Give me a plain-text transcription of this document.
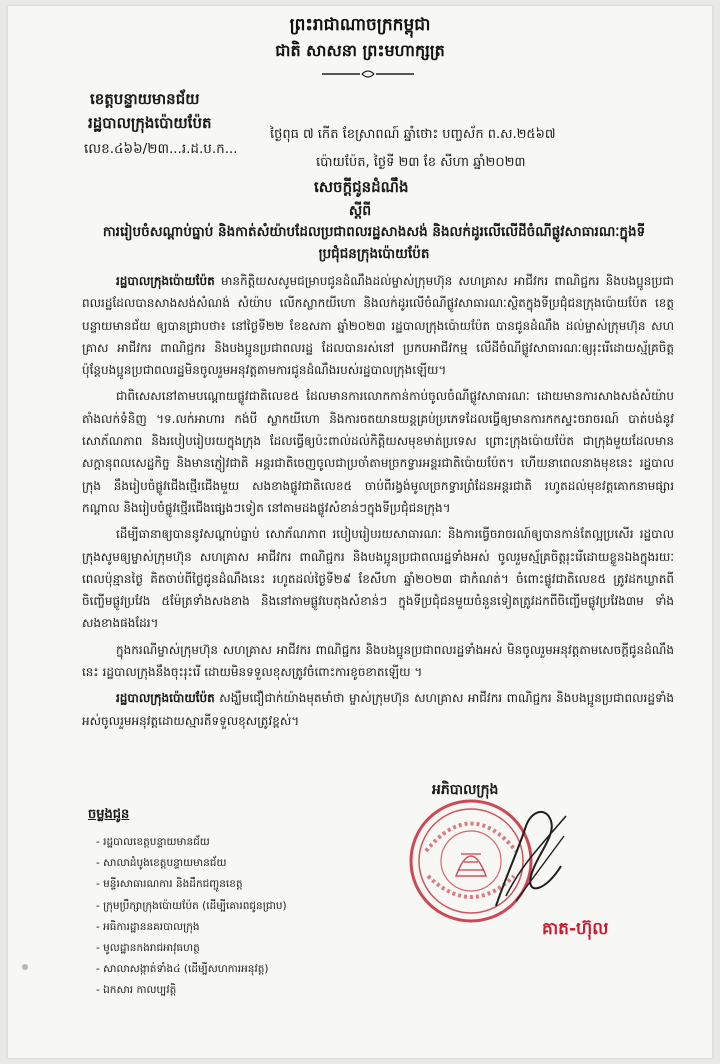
ព្រះរាជាណាចក្រកម្ពុជា
ជាតិ សាសនា ព្រះមហាក្សត្រ
ខេត្តបន្ទាយមានជ័យ
រដ្ឋបាលក្រុងប៉ោយប៉ែត
លេខ.៤៦៦/២៣...រ.ដ.ប.ក...
ថ្ងៃពុធ ៧ កើត ខែស្រាពណ៍ ឆ្នាំថោះ បញ្ចស័ក ព.ស.២៥៦៧
ប៉ោយប៉ែត, ថ្ងៃទី ២៣ ខែ សីហា ឆ្នាំ២០២៣
សេចក្តីជូនដំណឹង
ស្តីពី
ការរៀបចំសណ្តាប់ធ្នាប់ និងកាត់សំយ៉ាបដែលប្រជាពលរដ្ឋសាងសង់ និងលក់ដូរលើលើដីចំណីផ្លូវសាធារណៈក្នុងទីប្រជុំជនក្រុងប៉ោយប៉ែត

រដ្ឋបាលក្រុងប៉ោយប៉ែត មានកិត្តិយសសូមជម្រាបជូនដំណឹងដល់ម្ចាស់ក្រុមហ៊ុន សហគ្រាស អាជីវករ ពាណិជ្ជករ និងបងប្អូនប្រជាពលរដ្ឋដែលបានសាងសង់សំណង់ សំយ៉ាប លើកស្លាកយីហោ និងលក់ដូរលើចំណីផ្លូវសាធារណៈស្ថិតក្នុងទីប្រជុំជនក្រុងប៉ោយប៉ែត ខេត្តបន្ទាយមានជ័យ ឲ្យបានជ្រាបថា៖ នៅថ្ងៃទី២២ ខែឧសភា ឆ្នាំ២០២៣ រដ្ឋបាលក្រុងប៉ោយប៉ែត បានជូនដំណឹង ដល់ម្ចាស់ក្រុមហ៊ុន សហគ្រាស អាជីវករ ពាណិជ្ជករ និងបងប្អូនប្រជាពលរដ្ឋ ដែលបានរស់នៅ ប្រកបអាជីវកម្ម លើដីចំណីផ្លូវសាធារណៈឲ្យរុះរើដោយស្ម័គ្រចិត្ត ប៉ុន្តែបងប្អូនប្រជាពលរដ្ឋមិនចូលរួមអនុវត្តតាមការជូនដំណឹងរបស់រដ្ឋបាលក្រុងឡើយ។

ជាពិសេសនៅតាមបណ្តោយផ្លូវជាតិលេខ៥ ដែលមានការលោកកាន់កាប់ចូលចំណីផ្លូវសាធារណៈ ដោយមានការសាងសង់សំយ៉ាប តាំងលក់ទំនិញ ។ទ.លក់អាហារ កង់បី ស្លាកយីហោ និងការចតយានយន្តគ្រប់ប្រភេទដែលធ្វើឲ្យមានការកកស្ទះចរាចរណ៍ បាត់បង់នូវសោភ័ណភាព និងរបៀបរៀបរយក្នុងក្រុង ដែលធ្វើឲ្យប៉ះពាល់ដល់កិត្តិយសមុខមាត់ប្រទេស ព្រោះក្រុងប៉ោយប៉ែត ជាក្រុងមួយដែលមានសក្តានុពលសេដ្ឋកិច្ច និងមានភ្ញៀវជាតិ អន្តរជាតិចេញចូលជាប្រចាំតាមច្រកទ្វារអន្តរជាតិប៉ោយប៉ែត។ ហើយនាពេលនាងមុខនេះ រដ្ឋបាលក្រុង នឹងរៀបចំផ្លូវជើងថ្មើរជើងមួយ សងខាងផ្លូវជាតិលេខ៥ ចាប់ពីរង្វង់មូលច្រកទ្វារព្រំដែនអន្តរជាតិ រហូតដល់មុខវត្តគោកនាមផ្សារកណ្តាល និងរៀបចំផ្លូវថ្មើរជើងផ្សេងៗទៀត នៅតាមដងផ្លូវសំខាន់ៗក្នុងទីប្រជុំជនក្រុង។

ដើម្បីធានាឲ្យបាននូវសណ្តាប់ធ្នាប់ សោភ័ណភាព របៀបរៀបរយសាធារណៈ និងការធ្វើចរាចរណ៍ឲ្យបានកាន់តែល្អប្រសើរ រដ្ឋបាលក្រុងសូមឲ្យម្ចាស់ក្រុមហ៊ុន សហគ្រាស អាជីវករ ពាណិជ្ជករ និងបងប្អូនប្រជាពលរដ្ឋទាំងអស់ ចូលរួមស្ម័គ្រចិត្តរុះរើដោយខ្លួនឯងក្នុងរយៈពេលប៉ុន្មានថ្ងៃ គិតចាប់ពីថ្ងៃជូនដំណឹងនេះ រហូតដល់ថ្ងៃទី២៩ ខែសីហា ឆ្នាំ២០២៣ ជាកំណត់។ ចំពោះផ្លូវជាតិលេខ៥ ត្រូវដកឃ្លាតពីចិញ្ចើមផ្លូវប្រវែង ៥ម៉ែត្រទាំងសងខាង និងនៅតាមផ្លូវបេតុងសំខាន់ៗ ក្នុងទីប្រជុំជនមួយចំនួនទៀតត្រូវដកពីចិញ្ចើមផ្លូវប្រវែង៣ម ទាំងសងខាងផងដែរ។

ក្នុងករណីម្ចាស់ក្រុមហ៊ុន សហគ្រាស អាជីវករ ពាណិជ្ជករ និងបងប្អូនប្រជាពលរដ្ឋទាំងអស់ មិនចូលរួមអនុវត្តតាមសេចក្តីជូនដំណឹងនេះ រដ្ឋបាលក្រុងនឹងចុះរុះរើ ដោយមិនទទួលខុសត្រូវចំពោះការខូចខាតឡើយ ។

រដ្ឋបាលក្រុងប៉ោយប៉ែត សង្ឃឹមជឿជាក់យ៉ាងមុតមាំថា ម្ចាស់ក្រុមហ៊ុន សហគ្រាស អាជីវករ ពាណិជ្ជករ និងបងប្អូនប្រជាពលរដ្ឋទាំងអស់ចូលរួមអនុវត្តដោយស្មារតីទទួលខុសត្រូវខ្ពស់។

អភិបាលក្រុង
គាត-ហ៊ុល
ចម្លងជូន
- រដ្ឋបាលខេត្តបន្ទាយមានជ័យ
- សាលាដំបូងខេត្តបន្ទាយមានជ័យ
- មន្ទីរសាធារណការ និងដឹកជញ្ជូនខេត្ត
- ក្រុមប្រឹក្សាក្រុងប៉ោយប៉ែត (ដើម្បីគោរពជូនជ្រាប)
- អធិការដ្ឋាននគរបាលក្រុង
- មូលដ្ឋានកងរាជអាវុធហត្ថ
- សាលាសង្កាត់ទាំង៤ (ដើម្បីសហការអនុវត្ត)
- ឯកសារ កាលប្បវត្តិ
